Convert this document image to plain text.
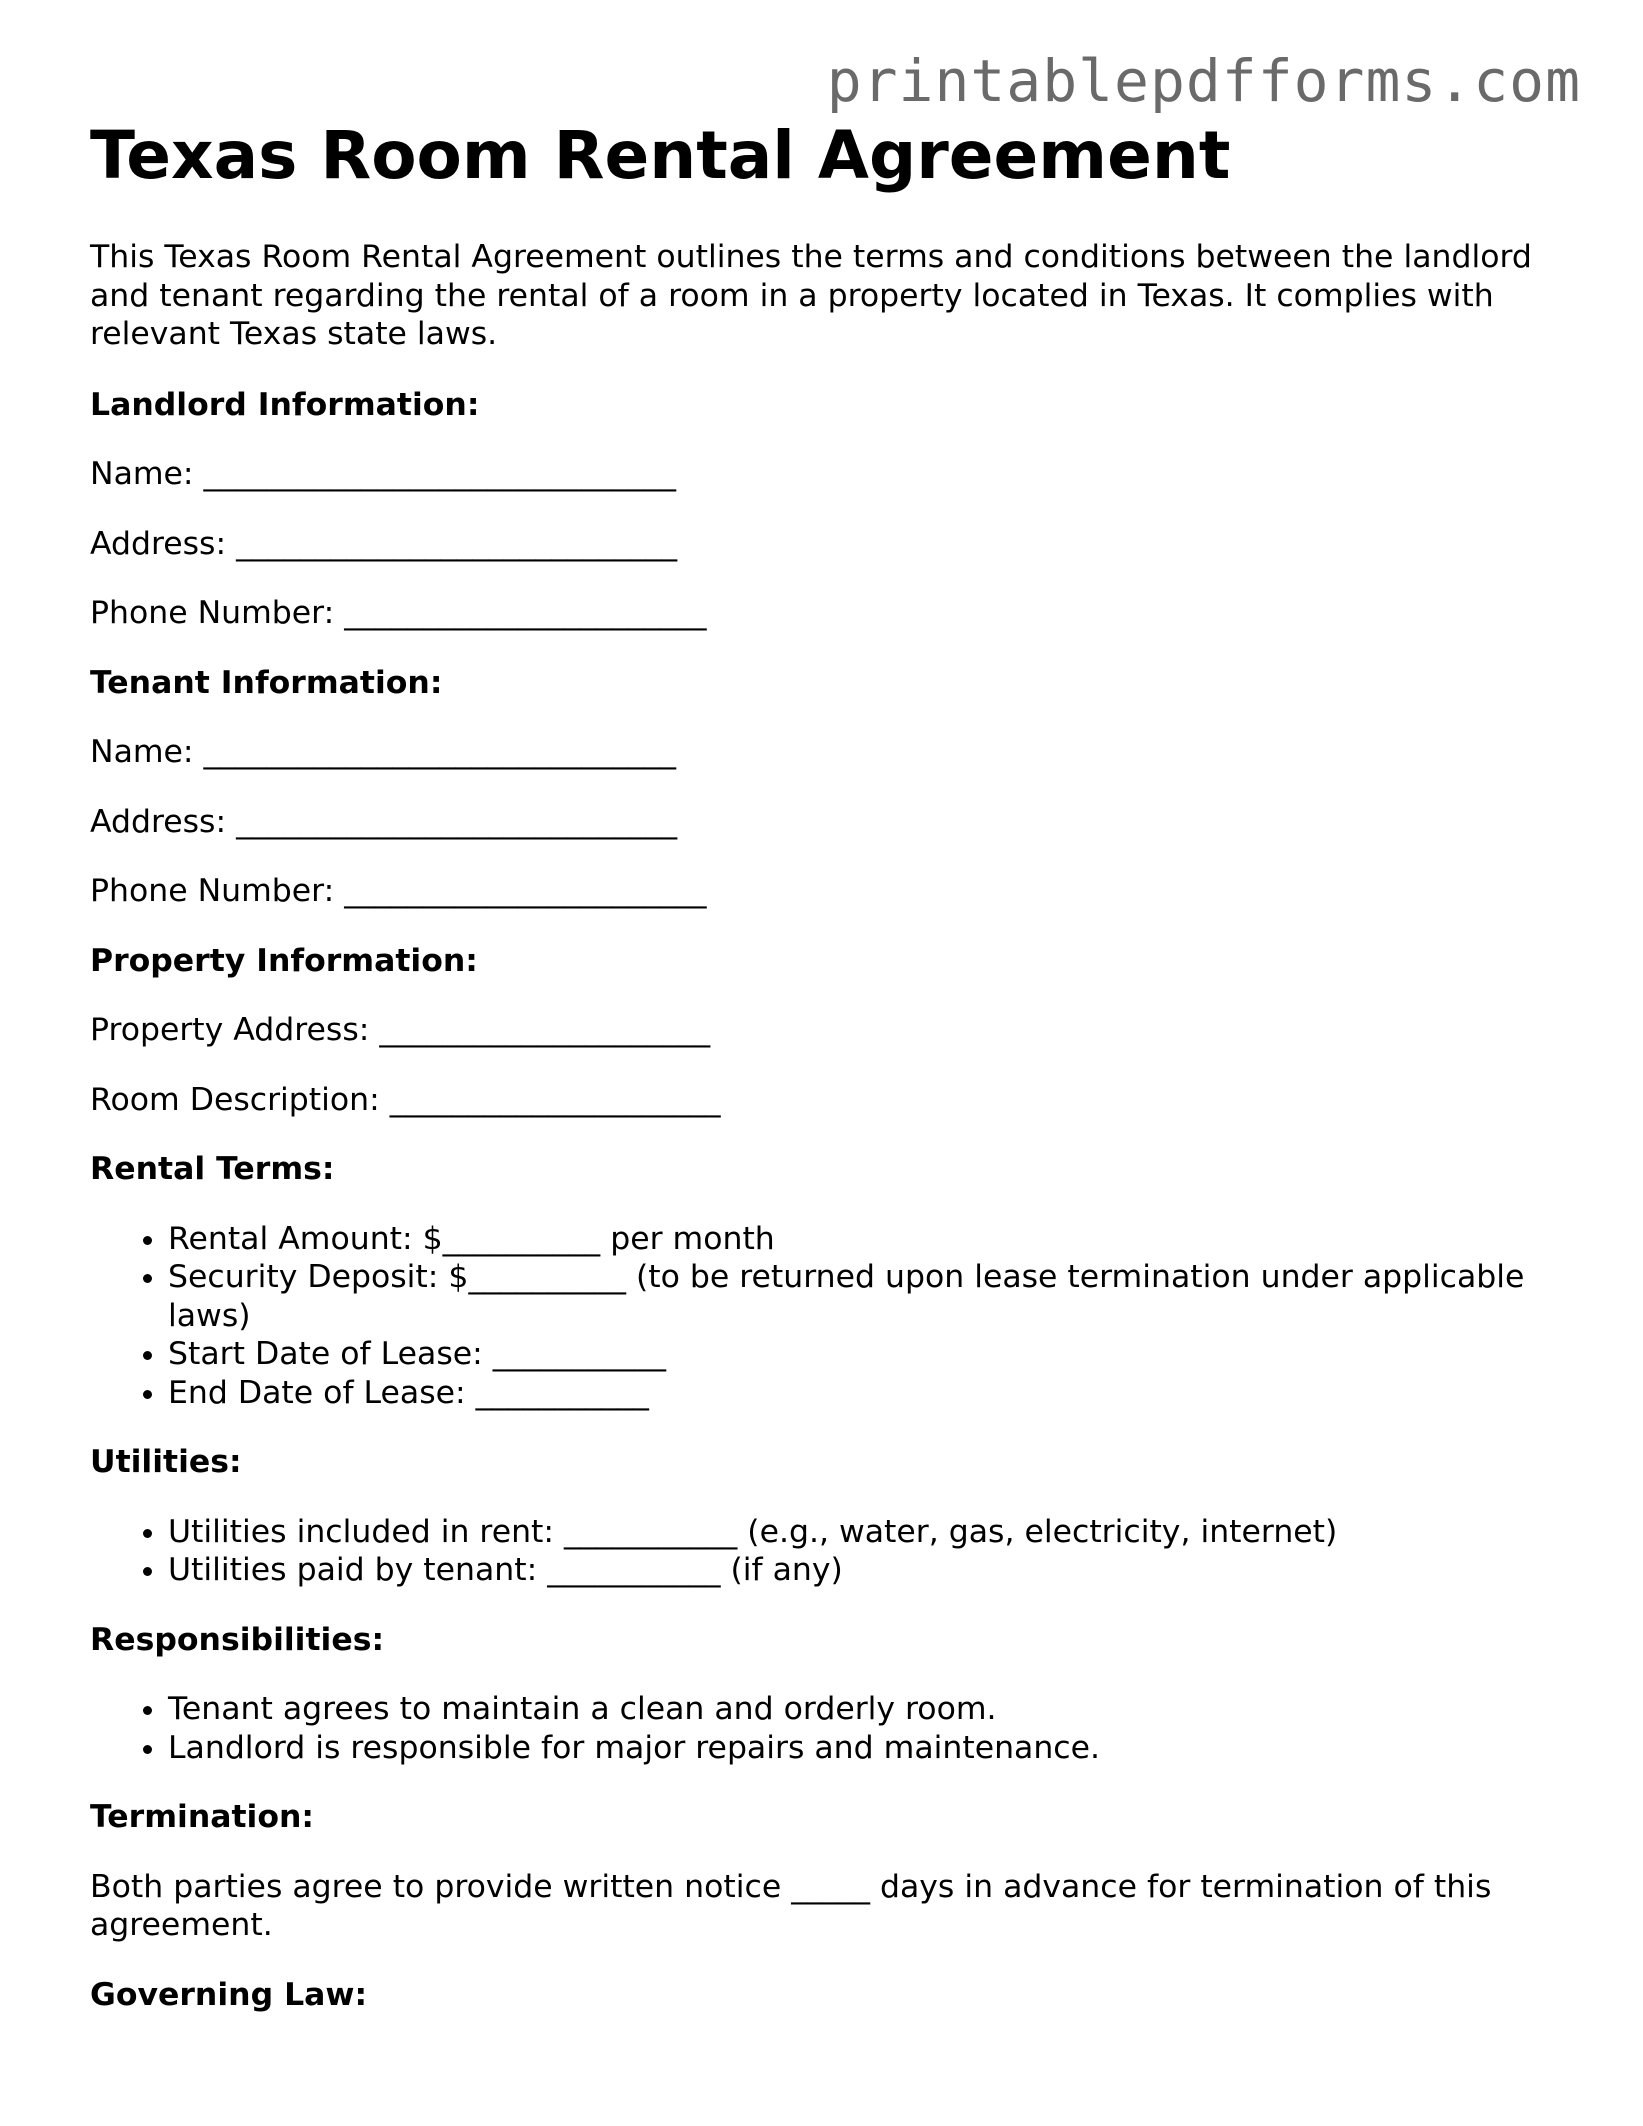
printablepdfforms.com
Texas Room Rental Agreement

This Texas Room Rental Agreement outlines the terms and conditions between the landlord and tenant regarding the rental of a room in a property located in Texas. It complies with relevant Texas state laws.

Landlord Information:
Name: ______________________________
Address: ____________________________
Phone Number: _______________________
Tenant Information:
Name: ______________________________
Address: ____________________________
Phone Number: _______________________
Property Information:
Property Address: _____________________
Room Description: _____________________
Rental Terms:
• Rental Amount: $__________ per month
• Security Deposit: $__________ (to be returned upon lease termination under applicable laws)
• Start Date of Lease: ___________
• End Date of Lease: ___________
Utilities:
• Utilities included in rent: ___________ (e.g., water, gas, electricity, internet)
• Utilities paid by tenant: ___________ (if any)
Responsibilities:
• Tenant agrees to maintain a clean and orderly room.
• Landlord is responsible for major repairs and maintenance.
Termination:

Both parties agree to provide written notice _____ days in advance for termination of this agreement.

Governing Law:
